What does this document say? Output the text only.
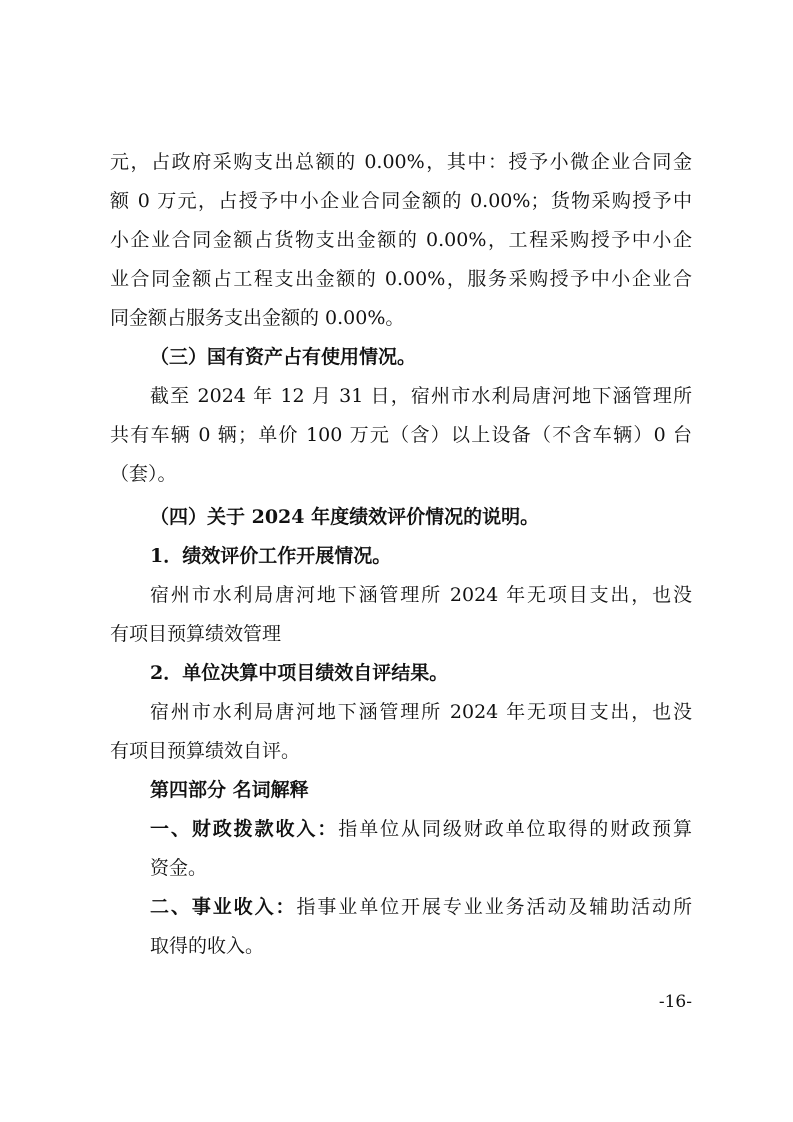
元，占政府采购支出总额的 0.00%，其中：授予小微企业合同金
额 0 万元，占授予中小企业合同金额的 0.00%；货物采购授予中
小企业合同金额占货物支出金额的 0.00%，工程采购授予中小企
业合同金额占工程支出金额的 0.00%，服务采购授予中小企业合
同金额占服务支出金额的 0.00%。
（三）国有资产占有使用情况。
截至 2024 年 12 月 31 日，宿州市水利局唐河地下涵管理所
共有车辆 0 辆；单价 100 万元（含）以上设备（不含车辆）0 台
（套）。
（四）关于 2024 年度绩效评价情况的说明。
1．绩效评价工作开展情况。
宿州市水利局唐河地下涵管理所 2024 年无项目支出，也没
有项目预算绩效管理
2．单位决算中项目绩效自评结果。
宿州市水利局唐河地下涵管理所 2024 年无项目支出，也没
有项目预算绩效自评。
第四部分 名词解释
一、财政拨款收入：指单位从同级财政单位取得的财政预算
资金。
二、事业收入：指事业单位开展专业业务活动及辅助活动所
取得的收入。
-16-
